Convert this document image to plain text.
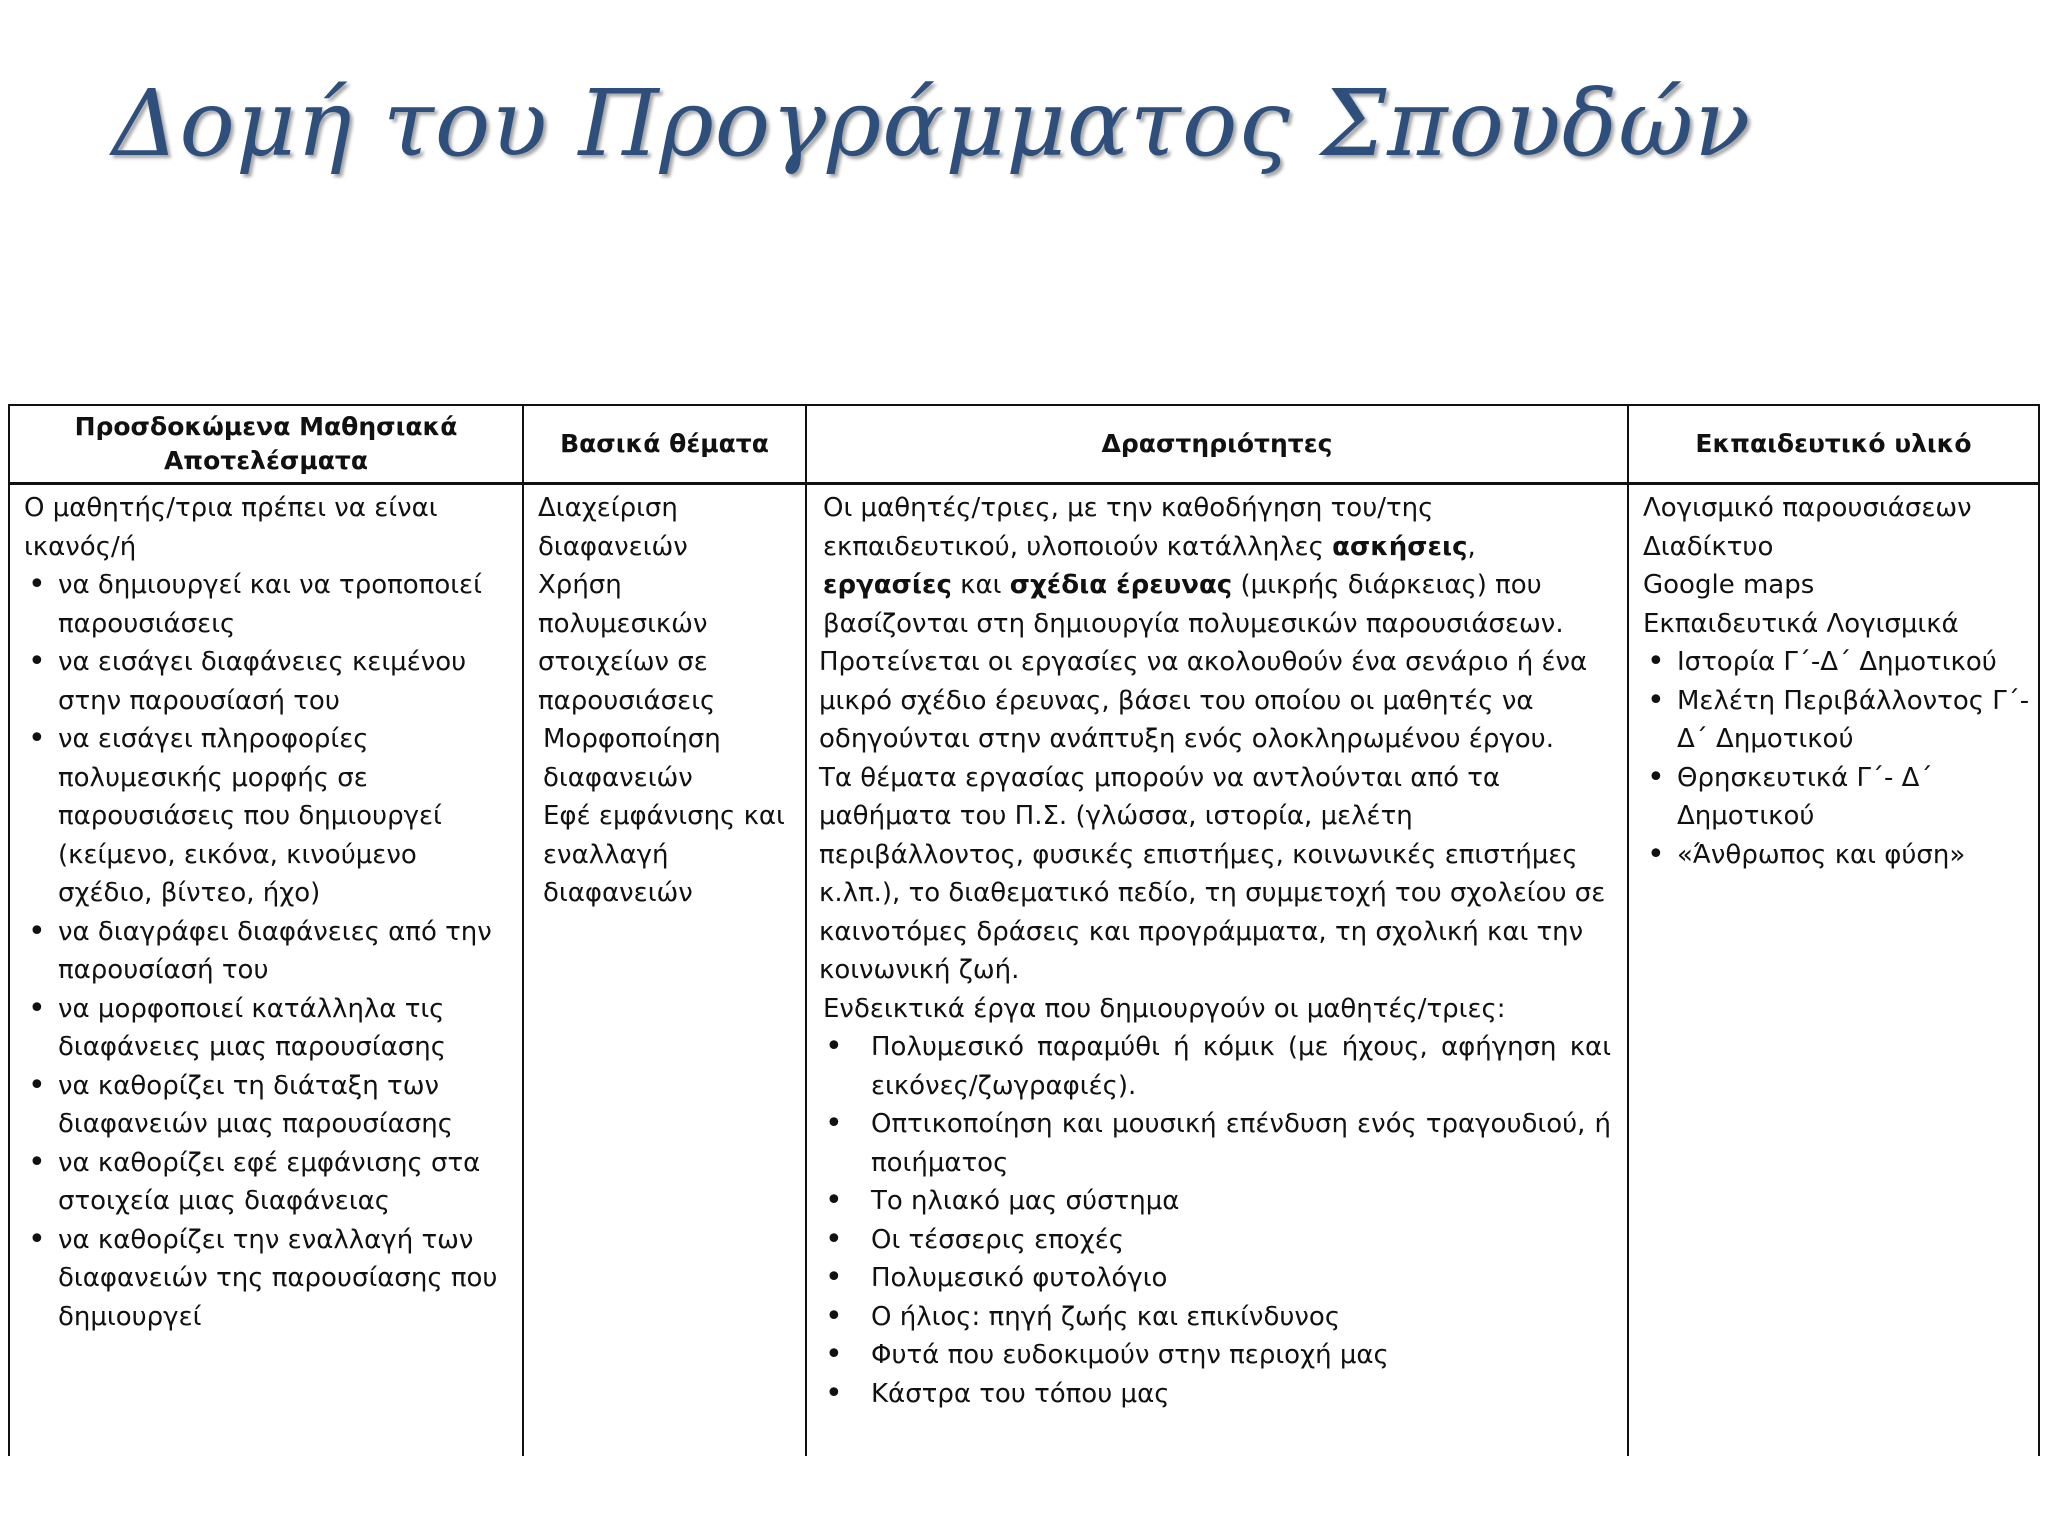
Δομή του Προγράμματος Σπουδών
Προσδοκώμενα Μαθησιακά Αποτελέσματα
Βασικά θέματα	Δραστηριότητες	Εκπαιδευτικό υλικό
Ο μαθητής/τρια πρέπει να είναι ικανός/ή
• να δημιουργεί και να τροποποιεί παρουσιάσεις
• να εισάγει διαφάνειες κειμένου στην παρουσίασή του
• να εισάγει πληροφορίες πολυμεσικής μορφής σε παρουσιάσεις που δημιουργεί (κείμενο, εικόνα, κινούμενο σχέδιο, βίντεο, ήχο)
• να διαγράφει διαφάνειες από την παρουσίασή του
• να μορφοποιεί κατάλληλα τις διαφάνειες μιας παρουσίασης
• να καθορίζει τη διάταξη των διαφανειών μιας παρουσίασης
• να καθορίζει εφέ εμφάνισης στα στοιχεία μιας διαφάνειας
• να καθορίζει την εναλλαγή των διαφανειών της παρουσίασης που δημιουργεί
Διαχείριση διαφανειών
Χρήση πολυμεσικών στοιχείων σε παρουσιάσεις
Μορφοποίηση διαφανειών
Εφέ εμφάνισης και εναλλαγή διαφανειών
Οι μαθητές/τριες, με την καθοδήγηση του/της εκπαιδευτικού, υλοποιούν κατάλληλες ασκήσεις, εργασίες και σχέδια έρευνας (μικρής διάρκειας) που βασίζονται στη δημιουργία πολυμεσικών παρουσιάσεων.
Προτείνεται οι εργασίες να ακολουθούν ένα σενάριο ή ένα μικρό σχέδιο έρευνας, βάσει του οποίου οι μαθητές να οδηγούνται στην ανάπτυξη ενός ολοκληρωμένου έργου.
Τα θέματα εργασίας μπορούν να αντλούνται από τα μαθήματα του Π.Σ. (γλώσσα, ιστορία, μελέτη περιβάλλοντος, φυσικές επιστήμες, κοινωνικές επιστήμες κ.λπ.), το διαθεματικό πεδίο, τη συμμετοχή του σχολείου σε καινοτόμες δράσεις και προγράμματα, τη σχολική και την κοινωνική ζωή.
Ενδεικτικά έργα που δημιουργούν οι μαθητές/τριες:
• Πολυμεσικό παραμύθι ή κόμικ (με ήχους, αφήγηση και εικόνες/ζωγραφιές).
• Οπτικοποίηση και μουσική επένδυση ενός τραγουδιού, ή ποιήματος
• Το ηλιακό μας σύστημα
• Οι τέσσερις εποχές
• Πολυμεσικό φυτολόγιο
• Ο ήλιος: πηγή ζωής και επικίνδυνος
• Φυτά που ευδοκιμούν στην περιοχή μας
• Κάστρα του τόπου μας
Λογισμικό παρουσιάσεων
Διαδίκτυο
Google maps
Εκπαιδευτικά Λογισμικά
• Ιστορία Γ΄-Δ΄ Δημοτικού
• Μελέτη Περιβάλλοντος Γ΄- Δ΄ Δημοτικού
• Θρησκευτικά Γ΄- Δ΄ Δημοτικού
• «Άνθρωπος και φύση»
